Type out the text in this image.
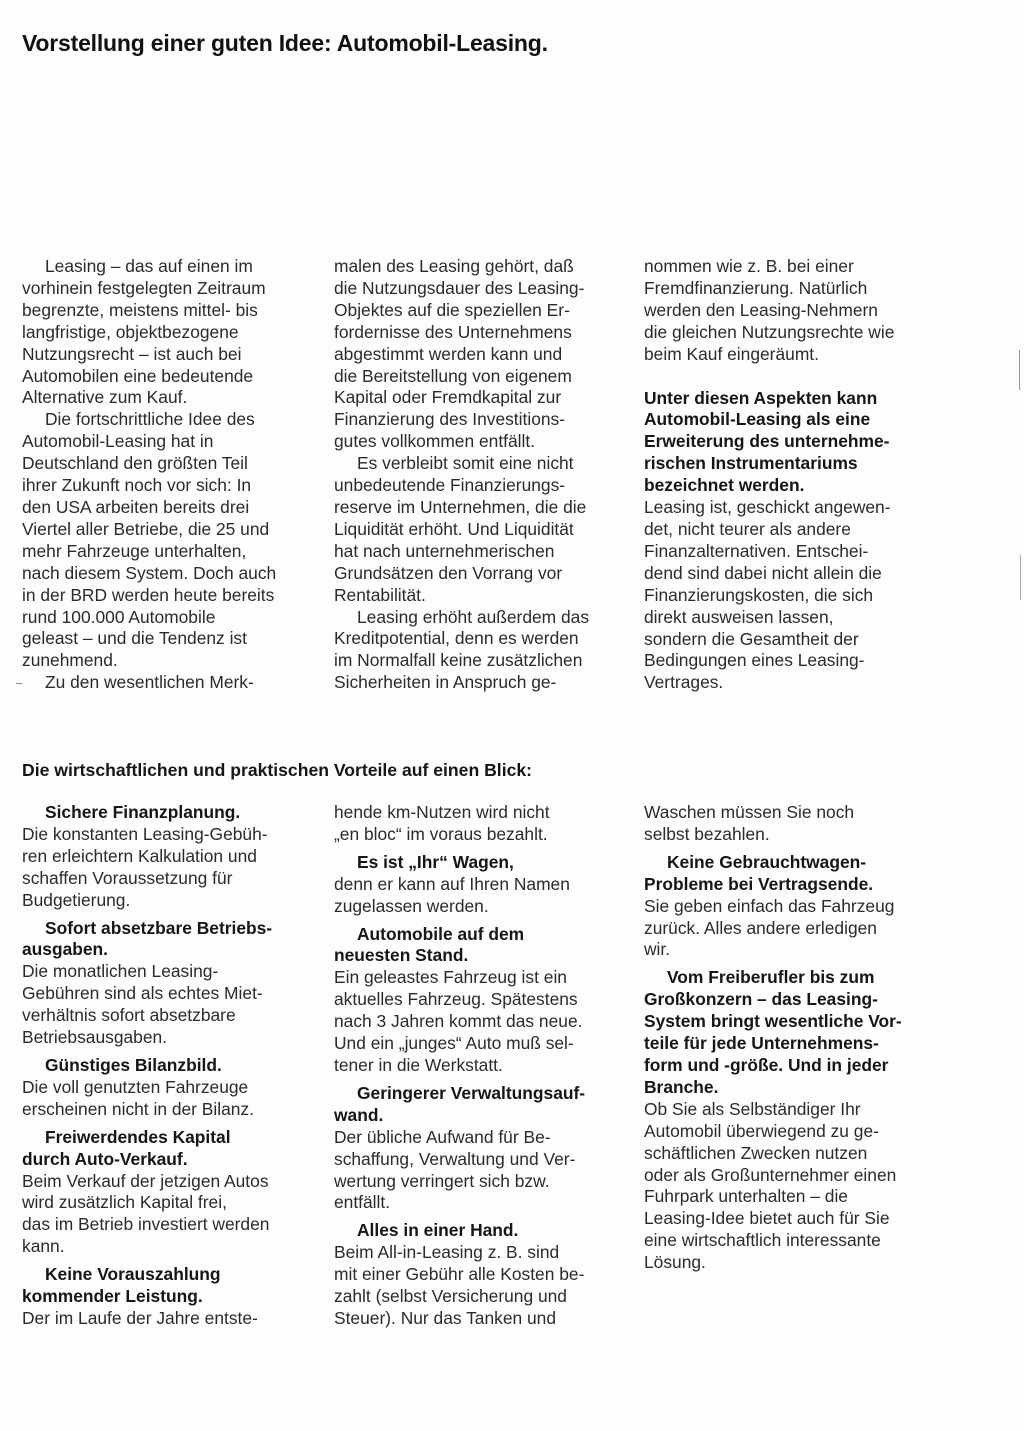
Vorstellung einer guten Idee: Automobil-Leasing.

Leasing – das auf einen im

vorhinein festgelegten Zeitraum

begrenzte, meistens mittel- bis

langfristige, objektbezogene

Nutzungsrecht – ist auch bei

Automobilen eine bedeutende

Alternative zum Kauf.

Die fortschrittliche Idee des

Automobil-Leasing hat in

Deutschland den größten Teil

ihrer Zukunft noch vor sich: In

den USA arbeiten bereits drei

Viertel aller Betriebe, die 25 und

mehr Fahrzeuge unterhalten,

nach diesem System. Doch auch

in der BRD werden heute bereits

rund 100.000 Automobile

geleast – und die Tendenz ist

zunehmend.

Zu den wesentlichen Merk-

malen des Leasing gehört, daß

die Nutzungsdauer des Leasing-

Objektes auf die speziellen Er-

fordernisse des Unternehmens

abgestimmt werden kann und

die Bereitstellung von eigenem

Kapital oder Fremdkapital zur

Finanzierung des Investitions-

gutes vollkommen entfällt.

Es verbleibt somit eine nicht

unbedeutende Finanzierungs-

reserve im Unternehmen, die die

Liquidität erhöht. Und Liquidität

hat nach unternehmerischen

Grundsätzen den Vorrang vor

Rentabilität.

Leasing erhöht außerdem das

Kreditpotential, denn es werden

im Normalfall keine zusätzlichen

Sicherheiten in Anspruch ge-

nommen wie z. B. bei einer

Fremdfinanzierung. Natürlich

werden den Leasing-Nehmern

die gleichen Nutzungsrechte wie

beim Kauf eingeräumt.

Unter diesen Aspekten kann

Automobil-Leasing als eine

Erweiterung des unternehme-

rischen Instrumentariums

bezeichnet werden.

Leasing ist, geschickt angewen-

det, nicht teurer als andere

Finanzalternativen. Entschei-

dend sind dabei nicht allein die

Finanzierungskosten, die sich

direkt ausweisen lassen,

sondern die Gesamtheit der

Bedingungen eines Leasing-

Vertrages.

Die wirtschaftlichen und praktischen Vorteile auf einen Blick:

Sichere Finanzplanung.

Die konstanten Leasing-Gebüh-

ren erleichtern Kalkulation und

schaffen Voraussetzung für

Budgetierung.

Sofort absetzbare Betriebs-

ausgaben.

Die monatlichen Leasing-

Gebühren sind als echtes Miet-

verhältnis sofort absetzbare

Betriebsausgaben.

Günstiges Bilanzbild.

Die voll genutzten Fahrzeuge

erscheinen nicht in der Bilanz.

Freiwerdendes Kapital

durch Auto-Verkauf.

Beim Verkauf der jetzigen Autos

wird zusätzlich Kapital frei,

das im Betrieb investiert werden

kann.

Keine Vorauszahlung

kommender Leistung.

Der im Laufe der Jahre entste-

hende km-Nutzen wird nicht

„en bloc“ im voraus bezahlt.

Es ist „Ihr“ Wagen,

denn er kann auf Ihren Namen

zugelassen werden.

Automobile auf dem

neuesten Stand.

Ein geleastes Fahrzeug ist ein

aktuelles Fahrzeug. Spätestens

nach 3 Jahren kommt das neue.

Und ein „junges“ Auto muß sel-

tener in die Werkstatt.

Geringerer Verwaltungsauf-

wand.

Der übliche Aufwand für Be-

schaffung, Verwaltung und Ver-

wertung verringert sich bzw.

entfällt.

Alles in einer Hand.

Beim All-in-Leasing z. B. sind

mit einer Gebühr alle Kosten be-

zahlt (selbst Versicherung und

Steuer). Nur das Tanken und

Waschen müssen Sie noch

selbst bezahlen.

Keine Gebrauchtwagen-

Probleme bei Vertragsende.

Sie geben einfach das Fahrzeug

zurück. Alles andere erledigen

wir.

Vom Freiberufler bis zum

Großkonzern – das Leasing-

System bringt wesentliche Vor-

teile für jede Unternehmens-

form und -größe. Und in jeder

Branche.

Ob Sie als Selbständiger Ihr

Automobil überwiegend zu ge-

schäftlichen Zwecken nutzen

oder als Großunternehmer einen

Fuhrpark unterhalten – die

Leasing-Idee bietet auch für Sie

eine wirtschaftlich interessante

Lösung.
